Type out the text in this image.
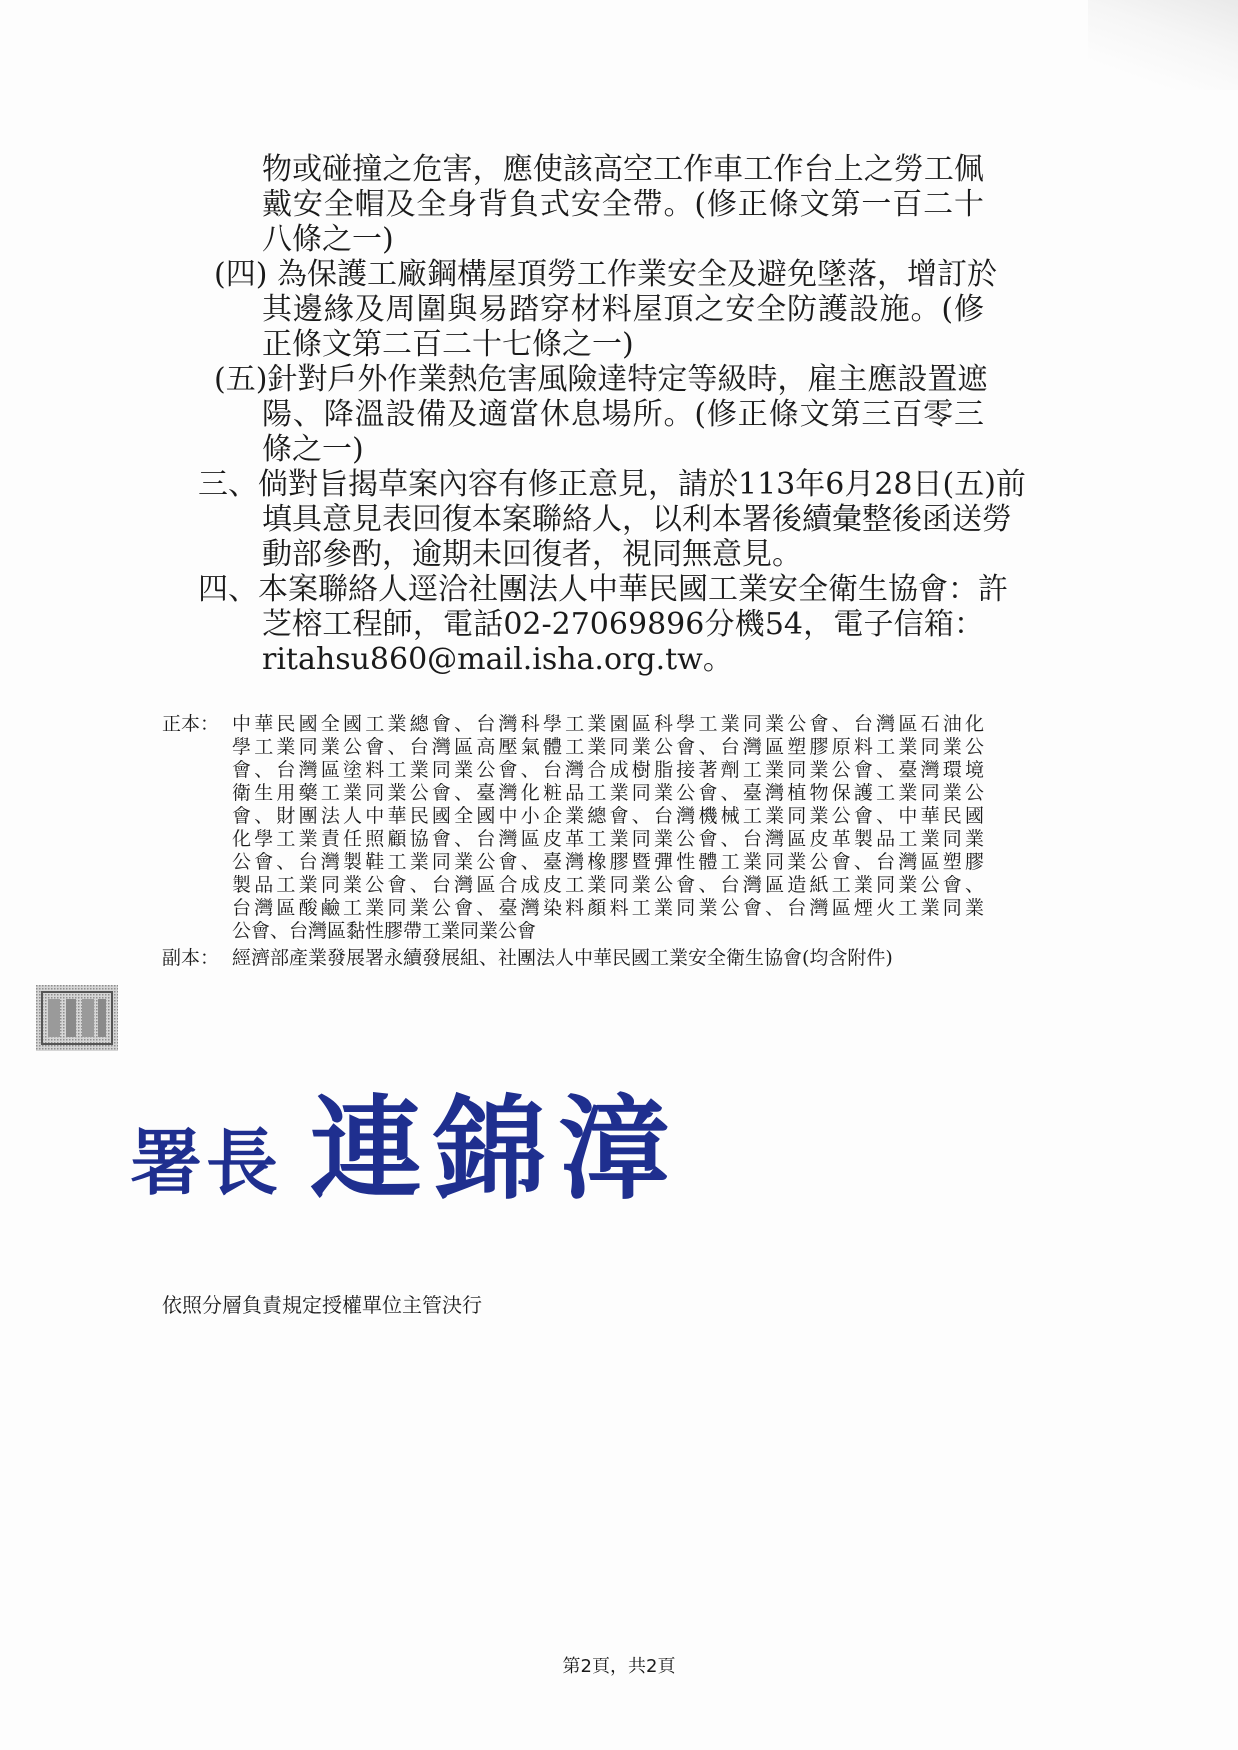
物或碰撞之危害，應使該高空工作車工作台上之勞工佩
戴安全帽及全身背負式安全帶。(修正條文第一百二十
八條之一)
(四) 為保護工廠鋼構屋頂勞工作業安全及避免墜落，增訂於
其邊緣及周圍與易踏穿材料屋頂之安全防護設施。(修
正條文第二百二十七條之一)
(五)針對戶外作業熱危害風險達特定等級時，雇主應設置遮
陽、降溫設備及適當休息場所。(修正條文第三百零三
條之一)
三、倘對旨揭草案內容有修正意見，請於113年6月28日(五)前
填具意見表回復本案聯絡人，以利本署後續彙整後函送勞
動部參酌，逾期未回復者，視同無意見。
四、本案聯絡人逕洽社團法人中華民國工業安全衛生協會：許
芝榕工程師，電話02-27069896分機54，電子信箱：
ritahsu860@mail.isha.org.tw。
正本： 中華民國全國工業總會、台灣科學工業園區科學工業同業公會、台灣區石油化
學工業同業公會、台灣區高壓氣體工業同業公會、台灣區塑膠原料工業同業公
會、台灣區塗料工業同業公會、台灣合成樹脂接著劑工業同業公會、臺灣環境
衛生用藥工業同業公會、臺灣化粧品工業同業公會、臺灣植物保護工業同業公
會、財團法人中華民國全國中小企業總會、台灣機械工業同業公會、中華民國
化學工業責任照顧協會、台灣區皮革工業同業公會、台灣區皮革製品工業同業
公會、台灣製鞋工業同業公會、臺灣橡膠暨彈性體工業同業公會、台灣區塑膠
製品工業同業公會、台灣區合成皮工業同業公會、台灣區造紙工業同業公會、
台灣區酸鹼工業同業公會、臺灣染料顏料工業同業公會、台灣區煙火工業同業
公會、台灣區黏性膠帶工業同業公會
副本： 經濟部產業發展署永續發展組、社團法人中華民國工業安全衛生協會(均含附件)
署長 連錦漳
依照分層負責規定授權單位主管決行
第2頁，共2頁
